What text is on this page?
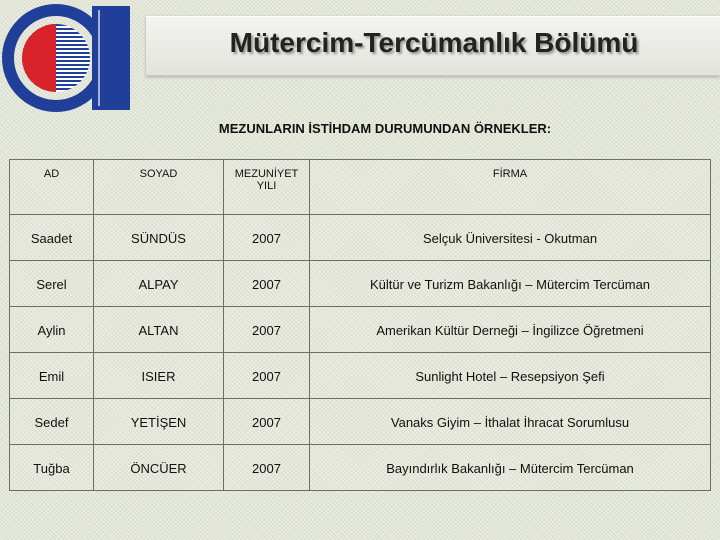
Mütercim-Tercümanlık Bölümü
MEZUNLARIN İSTİHDAM DURUMUNDAN ÖRNEKLER:
AD	SOYAD	MEZUNİYET YILI	FİRMA
Saadet	SÜNDÜS	2007	Selçuk Üniversitesi - Okutman
Serel	ALPAY	2007	Kültür ve Turizm Bakanlığı – Mütercim Tercüman
Aylin	ALTAN	2007	Amerikan Kültür Derneği – İngilizce Öğretmeni
Emil	ISIER	2007	Sunlight Hotel – Resepsiyon Şefi
Sedef	YETİŞEN	2007	Vanaks Giyim – İthalat İhracat Sorumlusu
Tuğba	ÖNCÜER	2007	Bayındırlık Bakanlığı – Mütercim Tercüman
